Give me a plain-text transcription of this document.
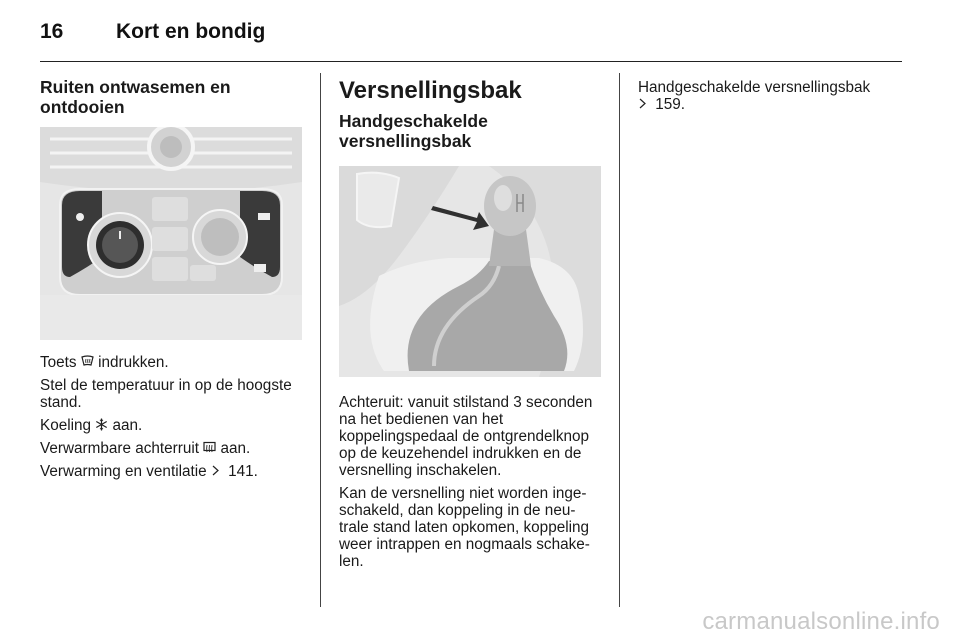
16	Kort en bondig
Ruiten ontwasemen en ontdooien

Toets indrukken.

Stel de temperatuur in op de hoogste stand.

Koeling aan.

Verwarmbare achterruit aan.

Verwarming en ventilatie 141.

Versnellingsbak
Handgeschakelde versnellingsbak

Achteruit: vanuit stilstand 3 seconden na het bedienen van het koppelingspedaal de ontgrendelknop op de keuzehendel indrukken en de versnelling inschakelen.

Kan de versnelling niet worden inge-schakeld, dan koppeling in de neu-trale stand laten opkomen, koppeling weer intrappen en nogmaals schake-len.

Handgeschakelde versnellingsbak
159.

carmanualsonline.info
